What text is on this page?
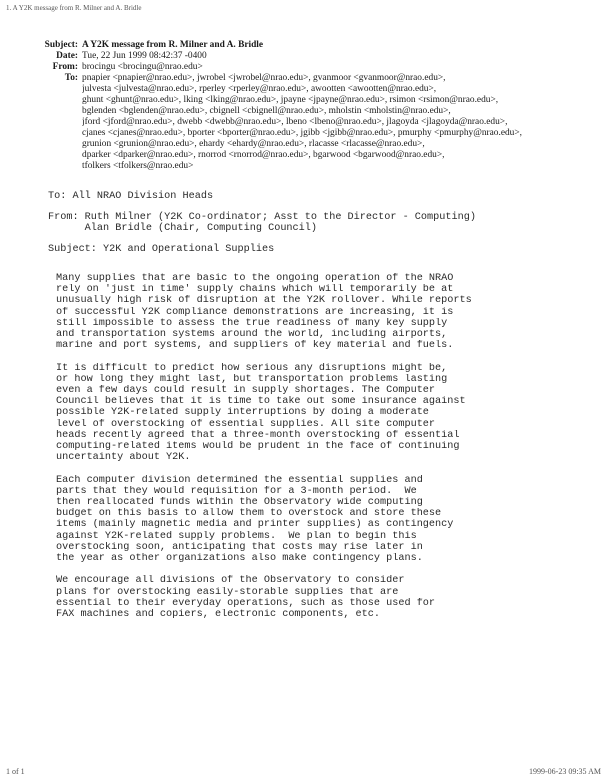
1. A Y2K message from R. Milner and A. Bridle
Subject: A Y2K message from R. Milner and A. Bridle
Date: Tue, 22 Jun 1999 08:42:37 -0400
From: brocingu <brocingu@nrao.edu>
To: pnapier <pnapier@nrao.edu>, jwrobel <jwrobel@nrao.edu>, gvanmoor <gvanmoor@nrao.edu>,
julvesta <julvesta@nrao.edu>, rperley <rperley@nrao.edu>, awootten <awootten@nrao.edu>,
ghunt <ghunt@nrao.edu>, lking <lking@nrao.edu>, jpayne <jpayne@nrao.edu>, rsimon <rsimon@nrao.edu>,
bglenden <bglenden@nrao.edu>, cbignell <cbignell@nrao.edu>, mholstin <mholstin@nrao.edu>,
jford <jford@nrao.edu>, dwebb <dwebb@nrao.edu>, lbeno <lbeno@nrao.edu>, jlagoyda <jlagoyda@nrao.edu>,
cjanes <cjanes@nrao.edu>, bporter <bporter@nrao.edu>, jgibb <jgibb@nrao.edu>, pmurphy <pmurphy@nrao.edu>,
grunion <grunion@nrao.edu>, ehardy <ehardy@nrao.edu>, rlacasse <rlacasse@nrao.edu>,
dparker <dparker@nrao.edu>, rnorrod <rnorrod@nrao.edu>, bgarwood <bgarwood@nrao.edu>,
tfolkers <tfolkers@nrao.edu>
To: All NRAO Division Heads
From: Ruth Milner (Y2K Co-ordinator; Asst to the Director - Computing)
Alan Bridle (Chair, Computing Council)
Subject: Y2K and Operational Supplies
Many supplies that are basic to the ongoing operation of the NRAO
rely on 'just in time' supply chains which will temporarily be at
unusually high risk of disruption at the Y2K rollover. While reports
of successful Y2K compliance demonstrations are increasing, it is
still impossible to assess the true readiness of many key supply
and transportation systems around the world, including airports,
marine and port systems, and suppliers of key material and fuels.
It is difficult to predict how serious any disruptions might be,
or how long they might last, but transportation problems lasting
even a few days could result in supply shortages. The Computer
Council believes that it is time to take out some insurance against
possible Y2K-related supply interruptions by doing a moderate
level of overstocking of essential supplies. All site computer
heads recently agreed that a three-month overstocking of essential
computing-related items would be prudent in the face of continuing
uncertainty about Y2K.
Each computer division determined the essential supplies and
parts that they would requisition for a 3-month period.  We
then reallocated funds within the Observatory wide computing
budget on this basis to allow them to overstock and store these
items (mainly magnetic media and printer supplies) as contingency
against Y2K-related supply problems.  We plan to begin this
overstocking soon, anticipating that costs may rise later in
the year as other organizations also make contingency plans.
We encourage all divisions of the Observatory to consider
plans for overstocking easily-storable supplies that are
essential to their everyday operations, such as those used for
FAX machines and copiers, electronic components, etc.
1 of 1	1999-06-23 09:35 AM
